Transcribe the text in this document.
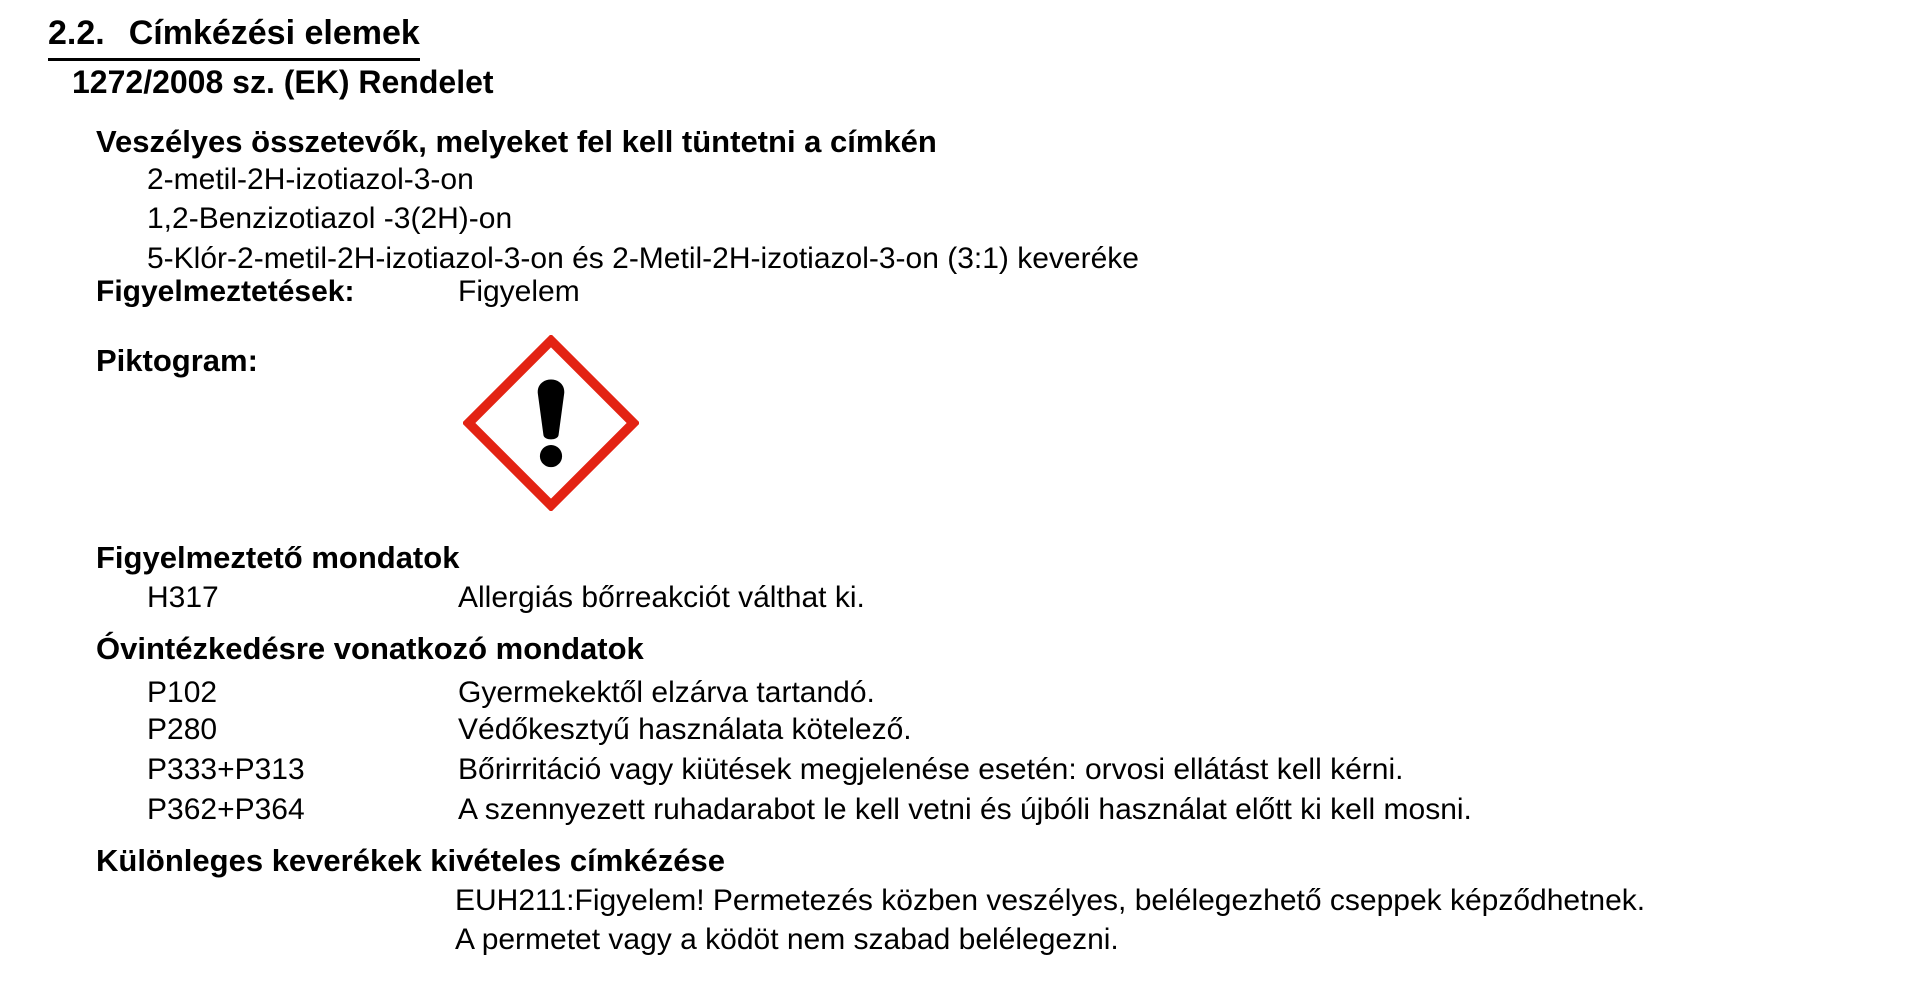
2.2. Címkézési elemek
1272/2008 sz. (EK) Rendelet
Veszélyes összetevők, melyeket fel kell tüntetni a címkén
2-metil-2H-izotiazol-3-on
1,2-Benzizotiazol -3(2H)-on
5-Klór-2-metil-2H-izotiazol-3-on és 2-Metil-2H-izotiazol-3-on (3:1) keveréke
Figyelmeztetések:	Figyelem
Piktogram:
Figyelmeztető mondatok
H317	Allergiás bőrreakciót válthat ki.
Óvintézkedésre vonatkozó mondatok
P102	Gyermekektől elzárva tartandó.
P280	Védőkesztyű használata kötelező.
P333+P313	Bőrirritáció vagy kiütések megjelenése esetén: orvosi ellátást kell kérni.
P362+P364	A szennyezett ruhadarabot le kell vetni és újbóli használat előtt ki kell mosni.
Különleges keverékek kivételes címkézése
EUH211:Figyelem! Permetezés közben veszélyes, belélegezhető cseppek képződhetnek.
A permetet vagy a ködöt nem szabad belélegezni.
